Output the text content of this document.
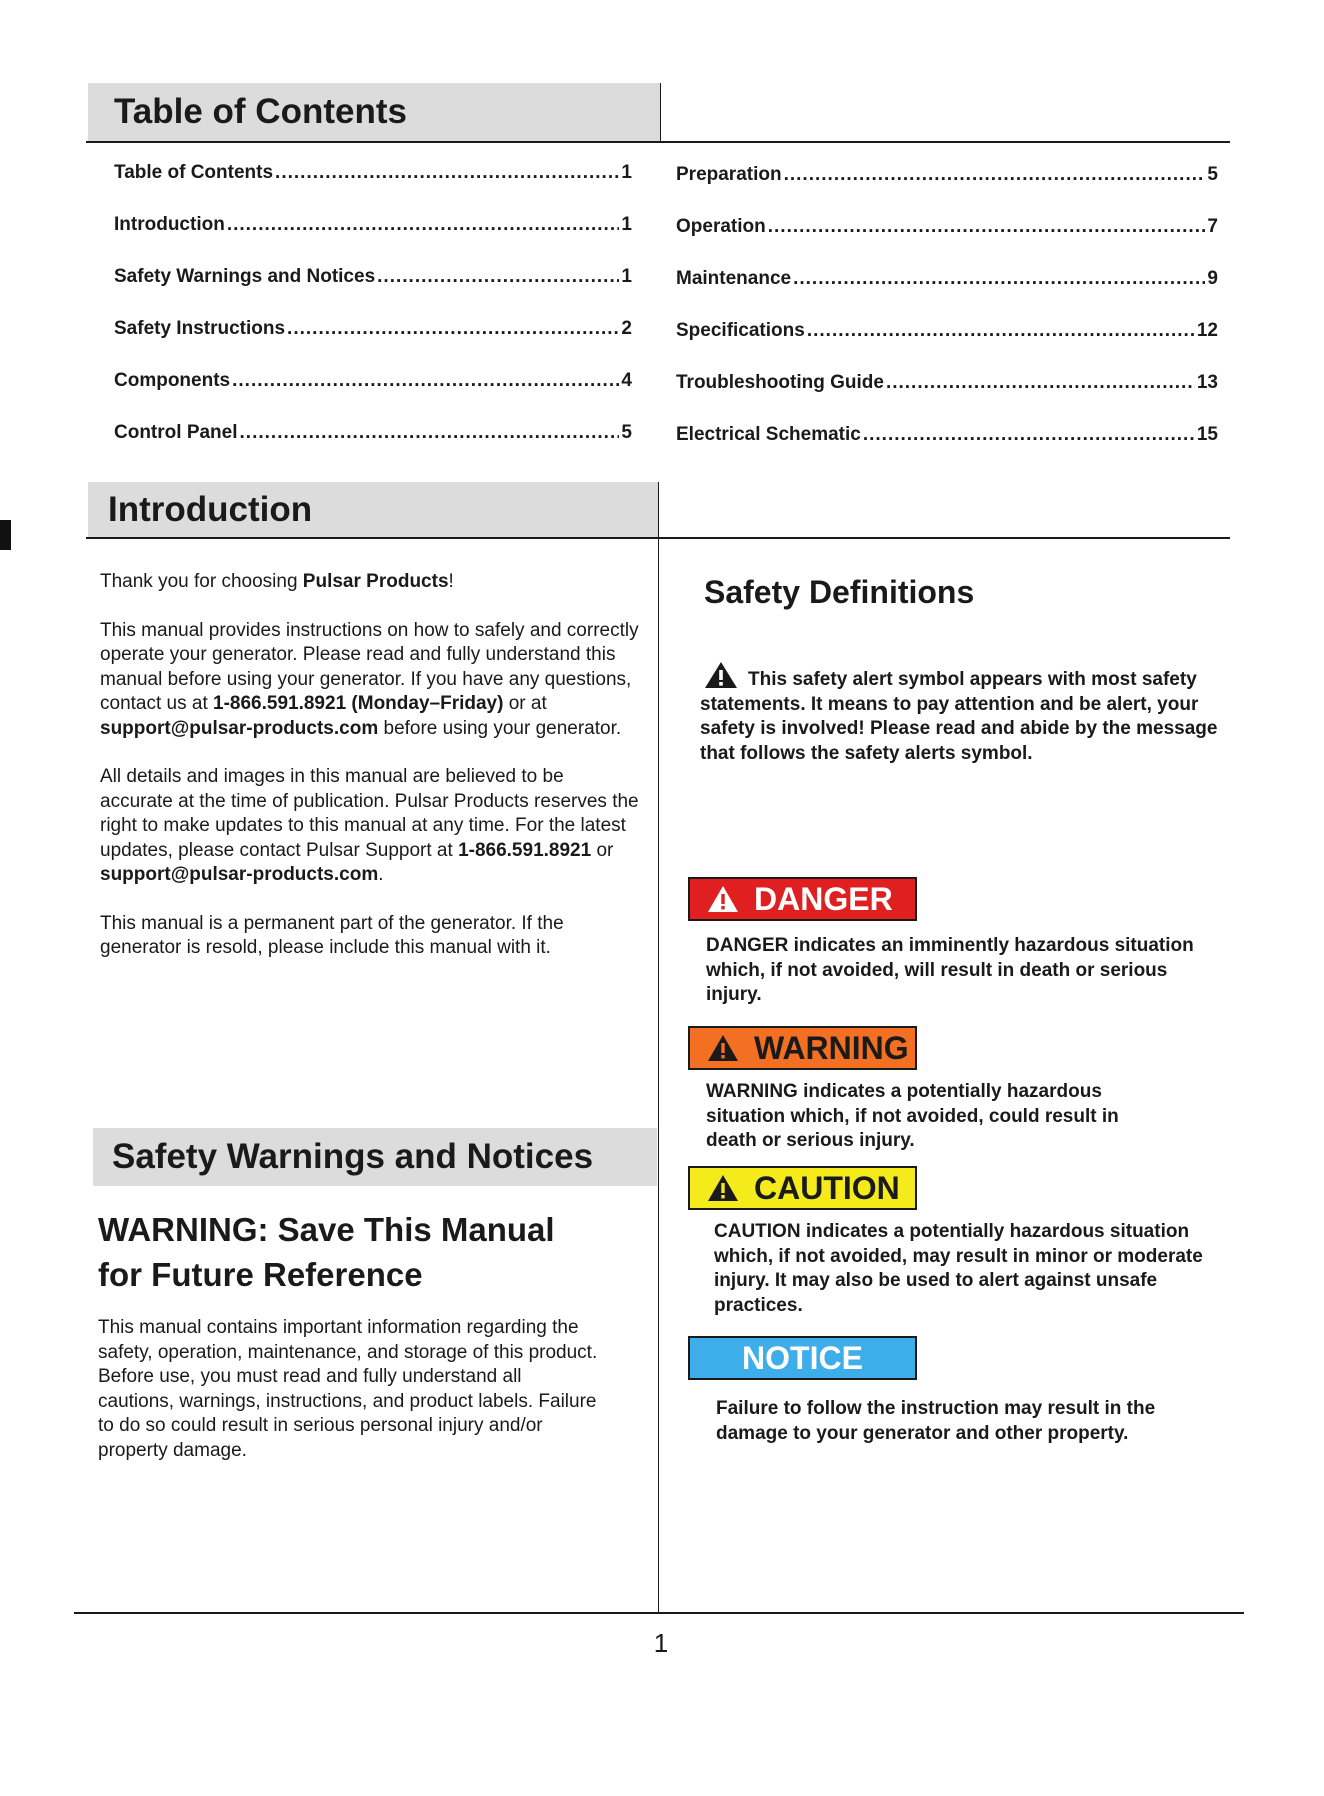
Table of Contents
Table of Contents .....	1
Introduction .....	1
Safety Warnings and Notices .....	1
Safety Instructions .....	2
Components .....	4
Control Panel .....	5
Preparation .....	5
Operation .....	7
Maintenance .....	9
Specifications .....	12
Troubleshooting Guide .....	13
Electrical Schematic .....	15
Introduction

Thank you for choosing Pulsar Products!

This manual provides instructions on how to safely and correctly operate your generator. Please read and fully understand this manual before using your generator. If you have any questions, contact us at 1-866.591.8921 (Monday–Friday) or at support@pulsar-products.com before using your generator.

All details and images in this manual are believed to be accurate at the time of publication. Pulsar Products reserves the right to make updates to this manual at any time. For the latest updates, please contact Pulsar Support at 1-866.591.8921 or support@pulsar-products.com.

This manual is a permanent part of the generator. If the generator is resold, please include this manual with it.

Safety Warnings and Notices
WARNING: Save This Manual
for Future Reference
This manual contains important information regarding the safety, operation, maintenance, and storage of this product. Before use, you must read and fully understand all cautions, warnings, instructions, and product labels. Failure to do so could result in serious personal injury and/or property damage.
Safety Definitions
This safety alert symbol appears with most safety statements. It means to pay attention and be alert, your safety is involved! Please read and abide by the message that follows the safety alerts symbol.
DANGER
DANGER indicates an imminently hazardous situation which, if not avoided, will result in death or serious injury.
WARNING
WARNING indicates a potentially hazardous situation which, if not avoided, could result in death or serious injury.
CAUTION
CAUTION indicates a potentially hazardous situation which, if not avoided, may result in minor or moderate injury. It may also be used to alert against unsafe practices.
NOTICE
Failure to follow the instruction may result in the damage to your generator and other property.
1
